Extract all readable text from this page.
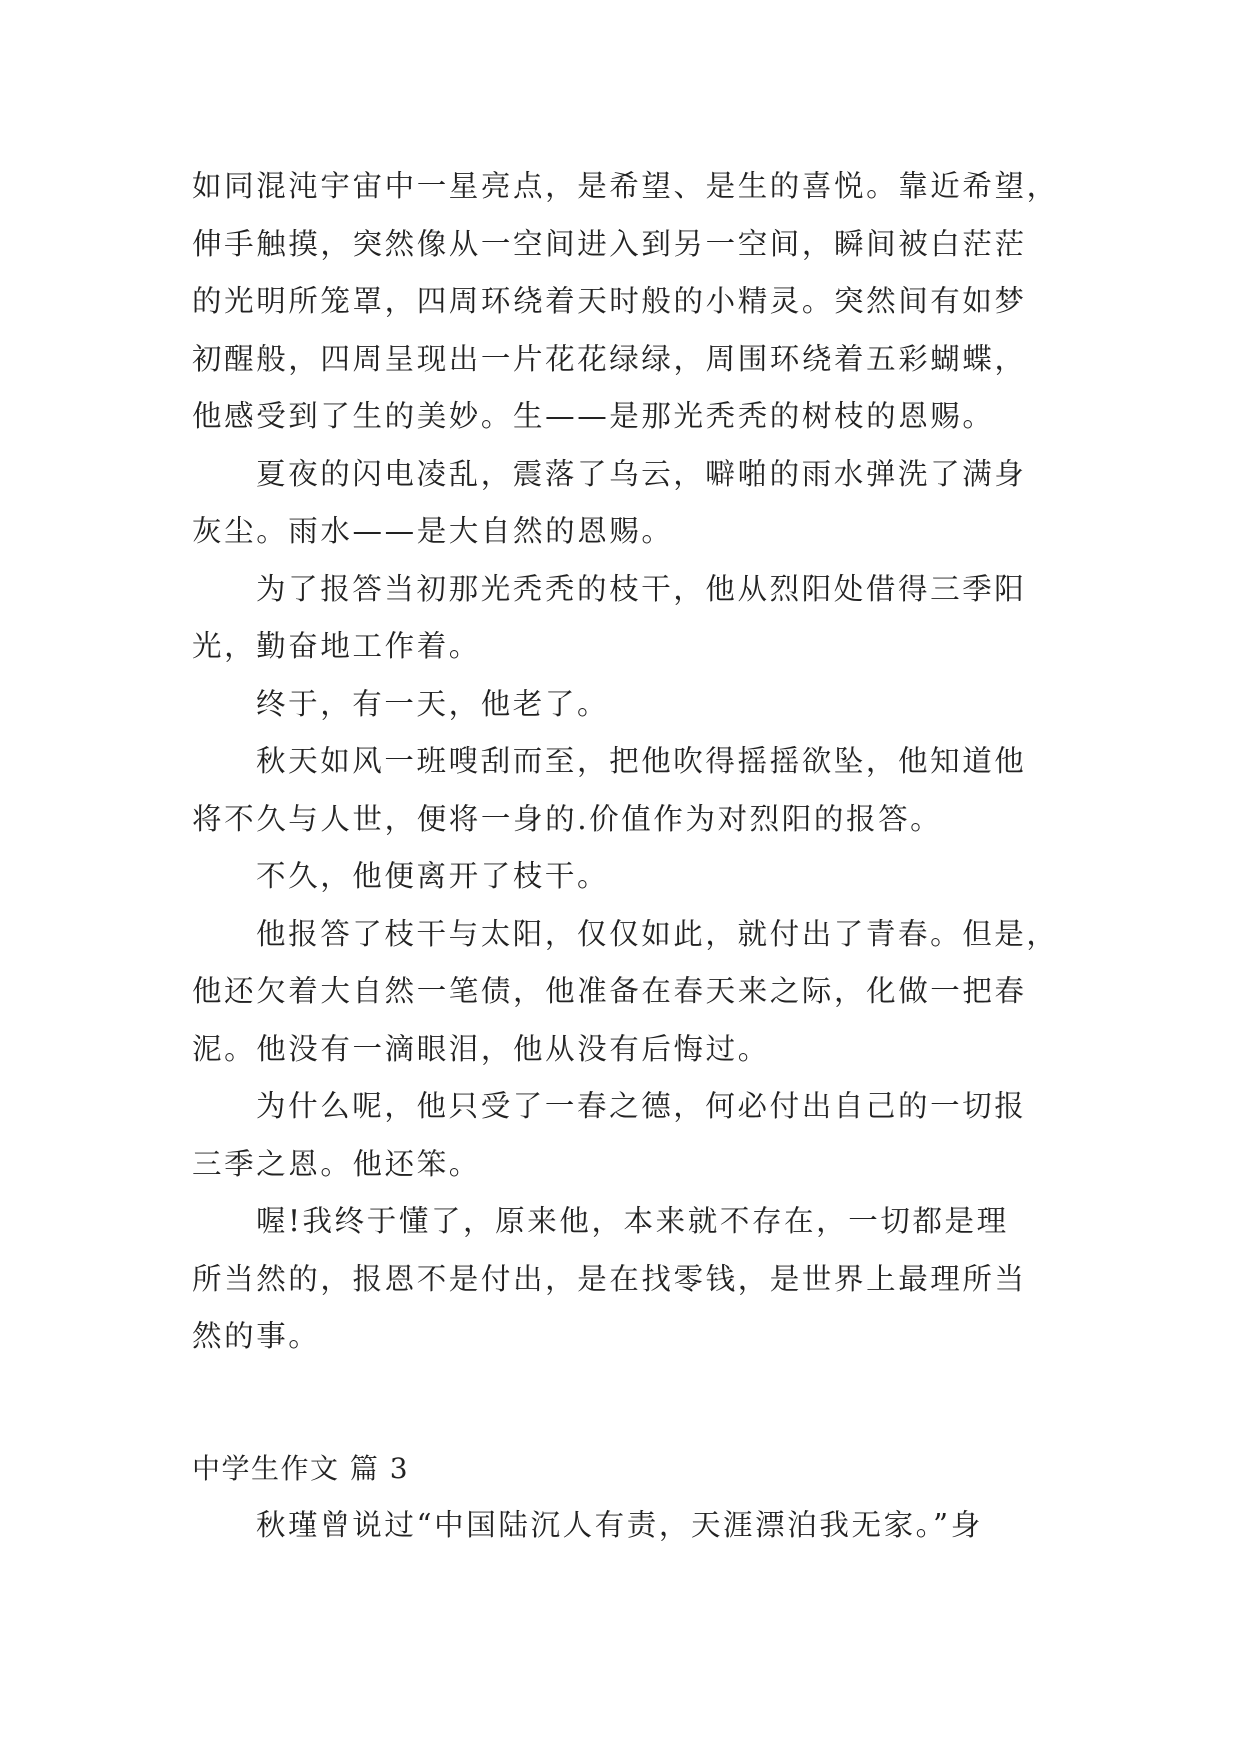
如同混沌宇宙中一星亮点，是希望、是生的喜悦。靠近希望，
伸手触摸，突然像从一空间进入到另一空间，瞬间被白茫茫
的光明所笼罩，四周环绕着天时般的小精灵。突然间有如梦
初醒般，四周呈现出一片花花绿绿，周围环绕着五彩蝴蝶，
他感受到了生的美妙。生——是那光秃秃的树枝的恩赐。

夏夜的闪电凌乱，震落了乌云，噼啪的雨水弹洗了满身
灰尘。雨水——是大自然的恩赐。

为了报答当初那光秃秃的枝干，他从烈阳处借得三季阳
光，勤奋地工作着。

终于，有一天，他老了。

秋天如风一班嗖刮而至，把他吹得摇摇欲坠，他知道他
将不久与人世，便将一身的.价值作为对烈阳的报答。

不久，他便离开了枝干。

他报答了枝干与太阳，仅仅如此，就付出了青春。但是，
他还欠着大自然一笔债，他准备在春天来之际，化做一把春
泥。他没有一滴眼泪，他从没有后悔过。

为什么呢，他只受了一春之德，何必付出自己的一切报
三季之恩。他还笨。

喔!我终于懂了，原来他，本来就不存在，一切都是理
所当然的，报恩不是付出，是在找零钱，是世界上最理所当
然的事。

中学生作文 篇 3

秋瑾曾说过“中国陆沉人有责，天涯漂泊我无家。”身
